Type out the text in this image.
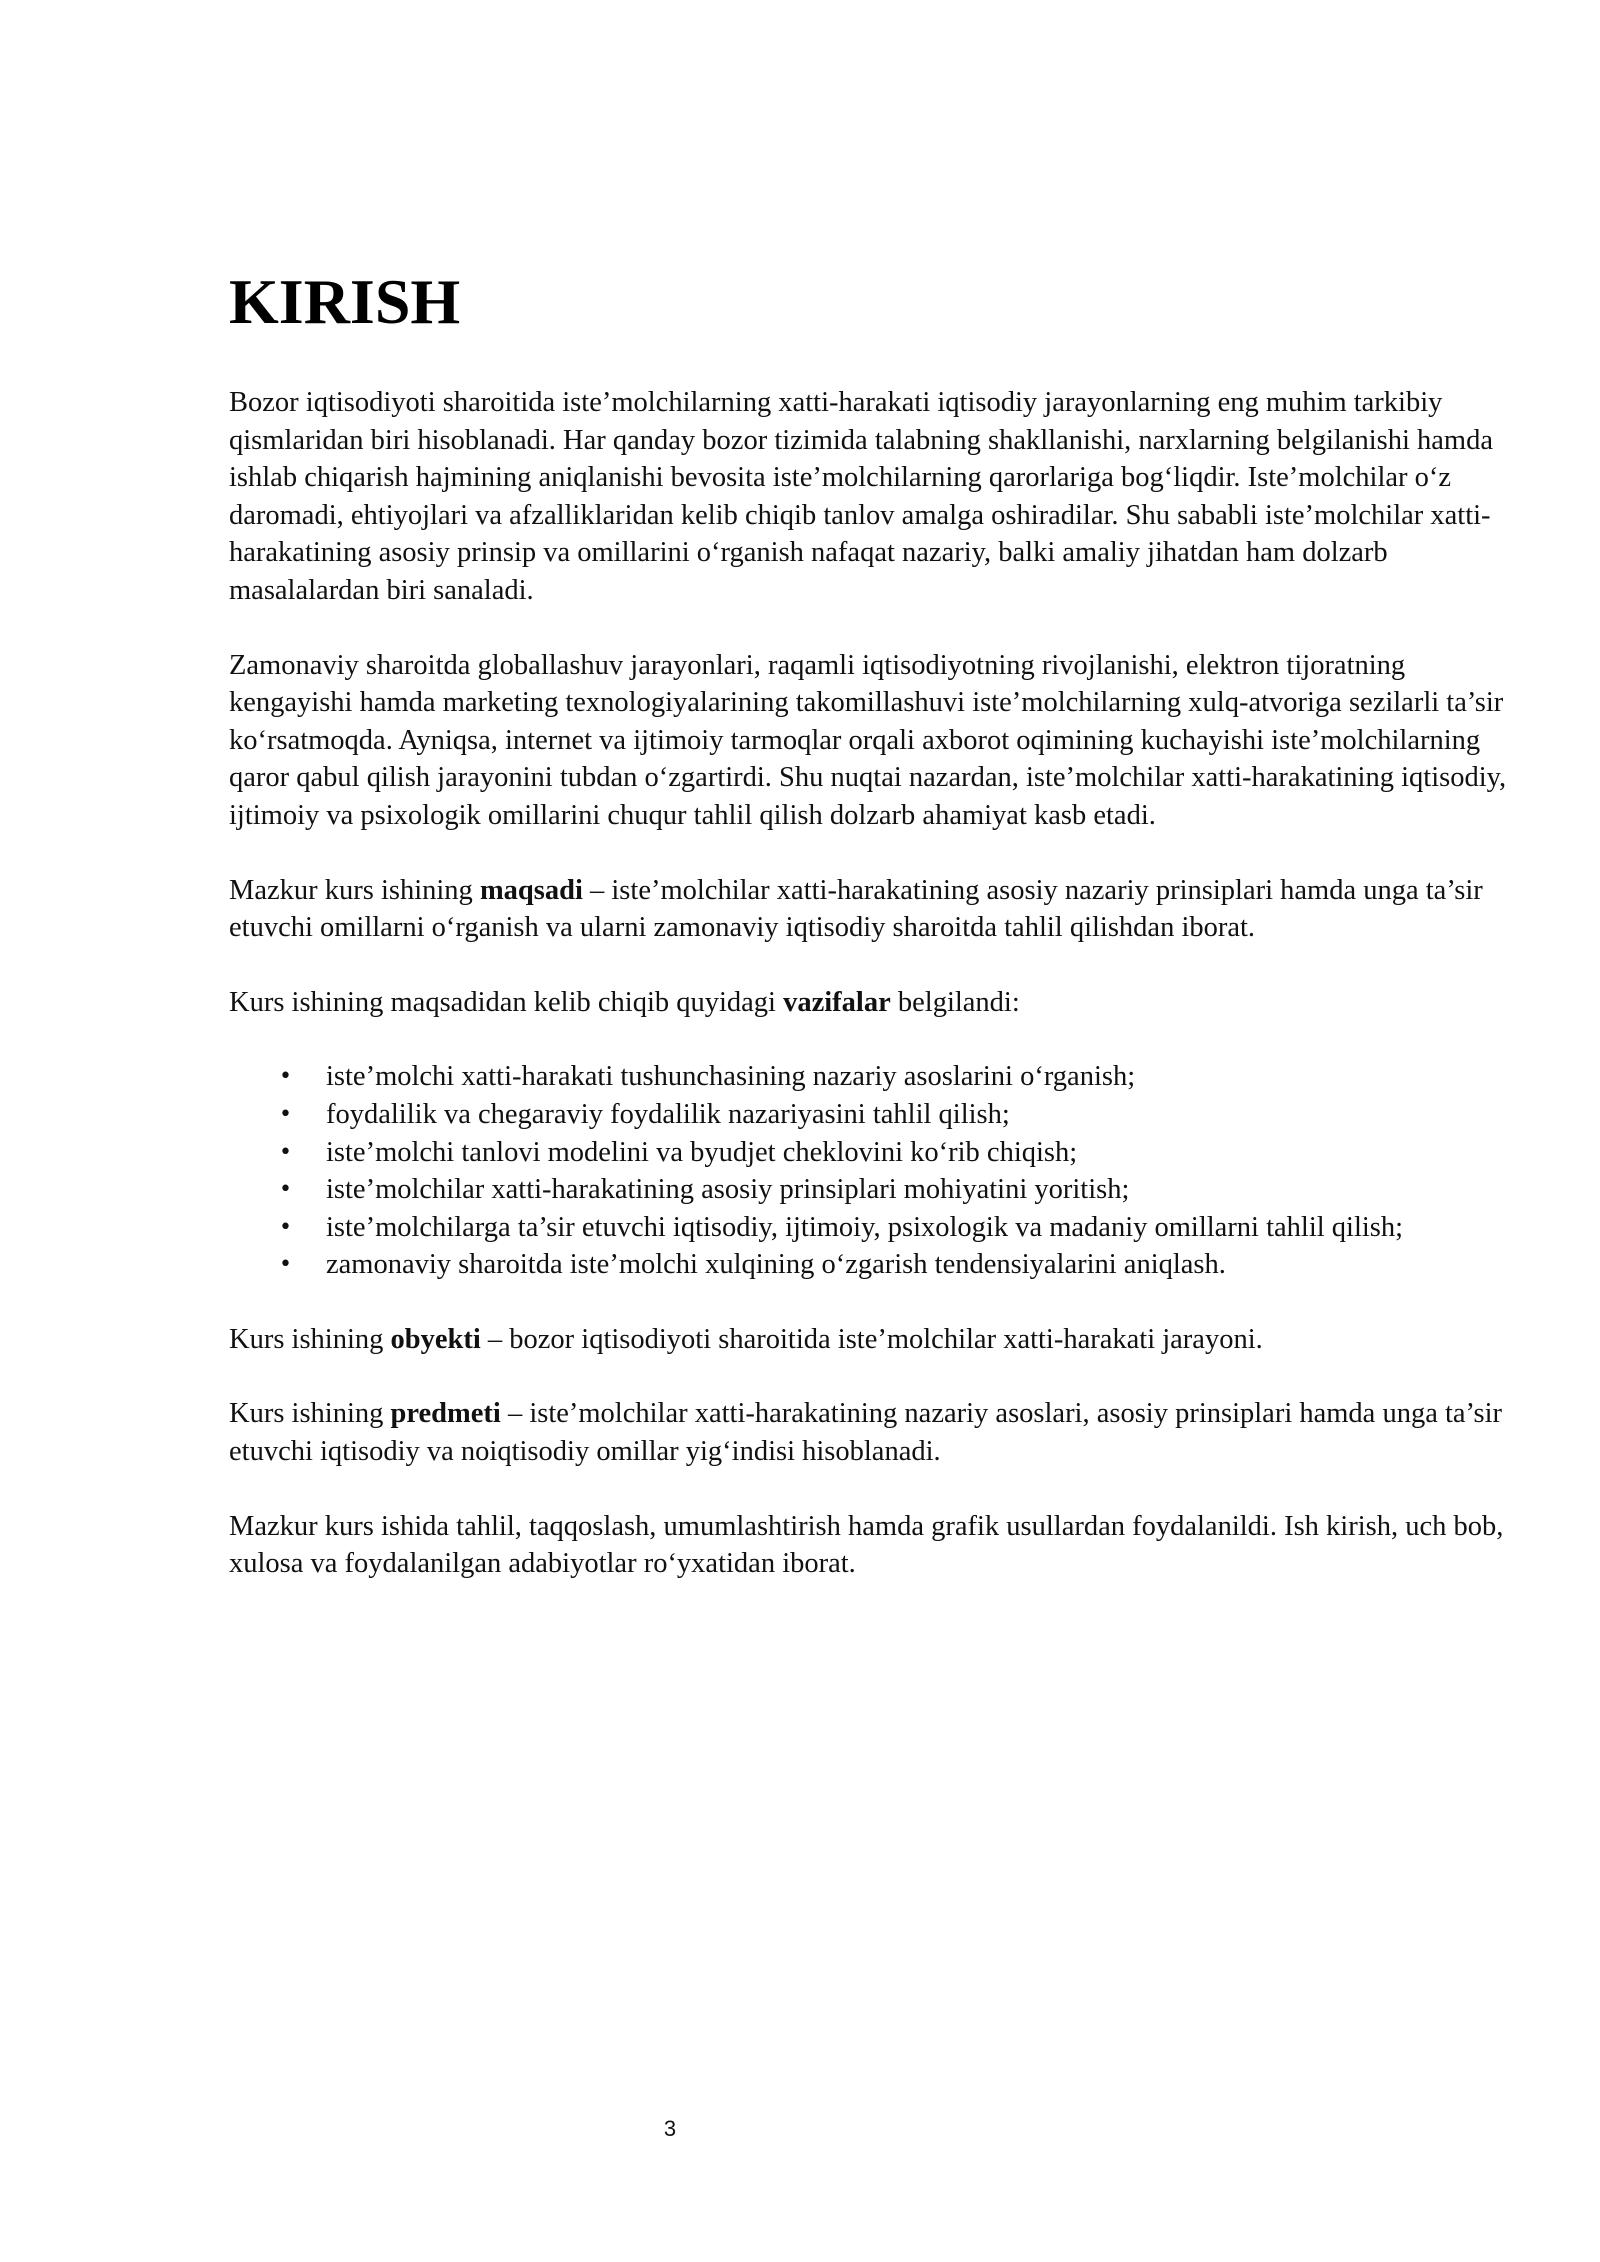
KIRISH

Bozor iqtisodiyoti sharoitida iste’molchilarning xatti-harakati iqtisodiy jarayonlarning eng muhim tarkibiy qismlaridan biri hisoblanadi. Har qanday bozor tizimida talabning shakllanishi, narxlarning belgilanishi hamda ishlab chiqarish hajmining aniqlanishi bevosita iste’molchilarning qarorlariga bog‘liqdir. Iste’molchilar o‘z daromadi, ehtiyojlari va afzalliklaridan kelib chiqib tanlov amalga oshiradilar. Shu sababli iste’molchilar xatti-harakatining asosiy prinsip va omillarini o‘rganish nafaqat nazariy, balki amaliy jihatdan ham dolzarb masalalardan biri sanaladi.

Zamonaviy sharoitda globallashuv jarayonlari, raqamli iqtisodiyotning rivojlanishi, elektron tijoratning kengayishi hamda marketing texnologiyalarining takomillashuvi iste’molchilarning xulq-atvoriga sezilarli ta’sir ko‘rsatmoqda. Ayniqsa, internet va ijtimoiy tarmoqlar orqali axborot oqimining kuchayishi iste’molchilarning qaror qabul qilish jarayonini tubdan o‘zgartirdi. Shu nuqtai nazardan, iste’molchilar xatti-harakatining iqtisodiy, ijtimoiy va psixologik omillarini chuqur tahlil qilish dolzarb ahamiyat kasb etadi.

Mazkur kurs ishining maqsadi – iste’molchilar xatti-harakatining asosiy nazariy prinsiplari hamda unga ta’sir etuvchi omillarni o‘rganish va ularni zamonaviy iqtisodiy sharoitda tahlil qilishdan iborat.

Kurs ishining maqsadidan kelib chiqib quyidagi vazifalar belgilandi:

• iste’molchi xatti-harakati tushunchasining nazariy asoslarini o‘rganish;
• foydalilik va chegaraviy foydalilik nazariyasini tahlil qilish;
• iste’molchi tanlovi modelini va byudjet cheklovini ko‘rib chiqish;
• iste’molchilar xatti-harakatining asosiy prinsiplari mohiyatini yoritish;
• iste’molchilarga ta’sir etuvchi iqtisodiy, ijtimoiy, psixologik va madaniy omillarni tahlil qilish;
• zamonaviy sharoitda iste’molchi xulqining o‘zgarish tendensiyalarini aniqlash.

Kurs ishining obyekti – bozor iqtisodiyoti sharoitida iste’molchilar xatti-harakati jarayoni.

Kurs ishining predmeti – iste’molchilar xatti-harakatining nazariy asoslari, asosiy prinsiplari hamda unga ta’sir etuvchi iqtisodiy va noiqtisodiy omillar yig‘indisi hisoblanadi.

Mazkur kurs ishida tahlil, taqqoslash, umumlashtirish hamda grafik usullardan foydalanildi. Ish kirish, uch bob, xulosa va foydalanilgan adabiyotlar ro‘yxatidan iborat.

3
